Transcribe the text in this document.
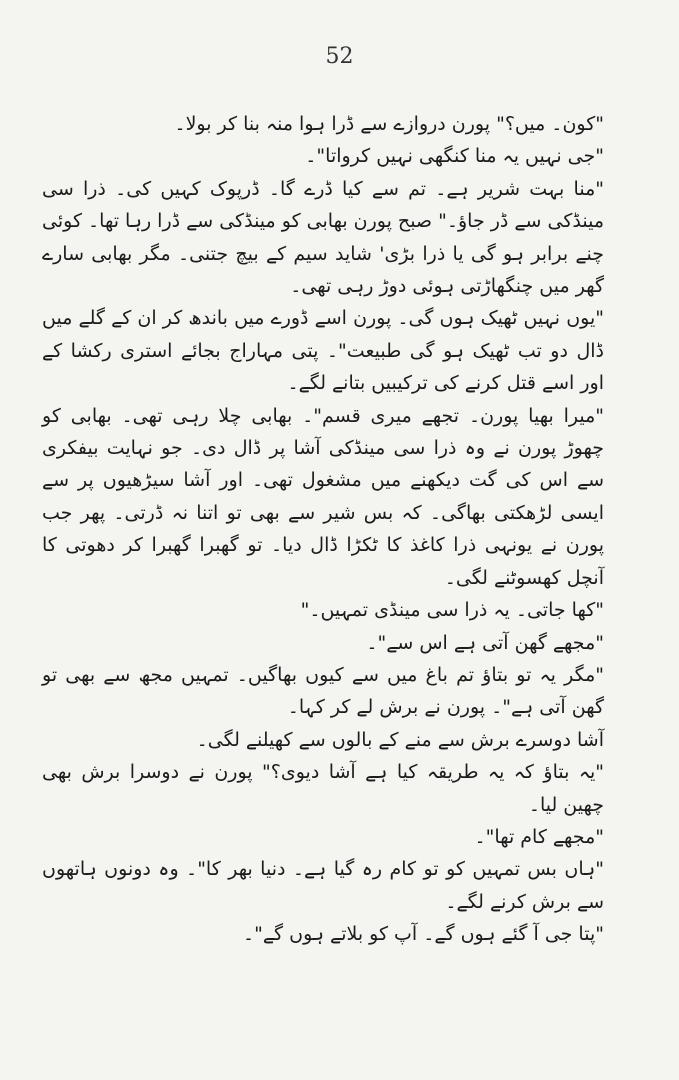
52

"کون۔ میں؟" پورن دروازے سے ڈرا ہوا منہ بنا کر بولا۔

"جی نہیں یہ منا کنگھی نہیں کرواتا"۔

"منا بہت شریر ہے۔ تم سے کیا ڈرے گا۔ ڈرپوک کہیں کی۔ ذرا سی مینڈکی سے ڈر جاؤ۔" صبح پورن بھابی کو مینڈکی سے ڈرا رہا تھا۔ کوئی چنے برابر ہو گی یا ذرا بڑی' شاید سیم کے بیچ جتنی۔ مگر بھابی سارے گھر میں چنگھاڑتی ہوئی دوڑ رہی تھی۔

"یوں نہیں ٹھیک ہوں گی۔ پورن اسے ڈورے میں باندھ کر ان کے گلے میں ڈال دو تب ٹھیک ہو گی طبیعت"۔ پتی مہاراج بجائے استری رکشا کے اور اسے قتل کرنے کی ترکیبیں بتانے لگے۔

"میرا بھیا پورن۔ تجھے میری قسم"۔ بھابی چلا رہی تھی۔ بھابی کو چھوڑ پورن نے وہ ذرا سی مینڈکی آشا پر ڈال دی۔ جو نہایت بیفکری سے اس کی گت دیکھنے میں مشغول تھی۔ اور آشا سیڑھیوں پر سے ایسی لڑھکتی بھاگی۔ کہ بس شیر سے بھی تو اتنا نہ ڈرتی۔ پھر جب پورن نے یونہی ذرا کاغذ کا ٹکڑا ڈال دیا۔ تو گھبرا گھبرا کر دھوتی کا آنچل کھسوٹنے لگی۔

"کھا جاتی۔ یہ ذرا سی مینڈی تمہیں۔"

"مجھے گھن آتی ہے اس سے"۔

"مگر یہ تو بتاؤ تم باغ میں سے کیوں بھاگیں۔ تمہیں مجھ سے بھی تو گھن آتی ہے"۔ پورن نے برش لے کر کہا۔

آشا دوسرے برش سے منے کے بالوں سے کھیلنے لگی۔

"یہ بتاؤ کہ یہ طریقہ کیا ہے آشا دیوی؟" پورن نے دوسرا برش بھی چھین لیا۔

"مجھے کام تھا"۔

"ہاں بس تمہیں کو تو کام رہ گیا ہے۔ دنیا بھر کا"۔ وہ دونوں ہاتھوں سے برش کرنے لگے۔

"پتا جی آ گئے ہوں گے۔ آپ کو بلاتے ہوں گے"۔
